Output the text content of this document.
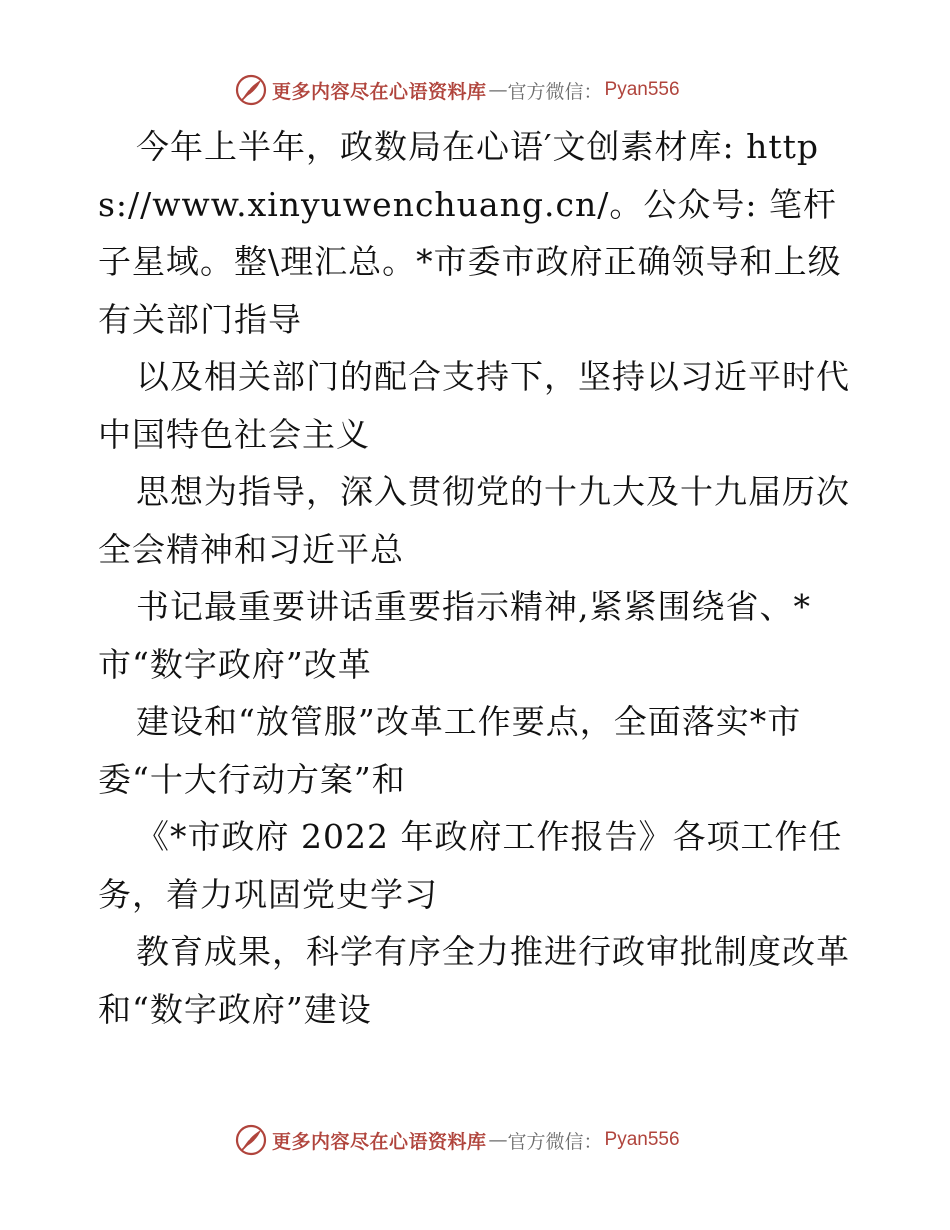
更多内容尽在心语资料库 — 官方微信： Pyan556

今年上半年，政数局在心语′文创素材库: https://www.xinyuwenchuang.cn/。公众号: 笔杆子星域。整\理汇总。*市委市政府正确领导和上级有关部门指导

以及相关部门的配合支持下，坚持以习近平时代中国特色社会主义

思想为指导，深入贯彻党的十九大及十九届历次全会精神和习近平总

书记最重要讲话重要指示精神,紧紧围绕省、*市“数字政府”改革

建设和“放管服”改革工作要点，全面落实*市委“十大行动方案”和

《*市政府 2022 年政府工作报告》各项工作任务，着力巩固党史学习

教育成果，科学有序全力推进行政审批制度改革和“数字政府”建设

更多内容尽在心语资料库 — 官方微信： Pyan556
